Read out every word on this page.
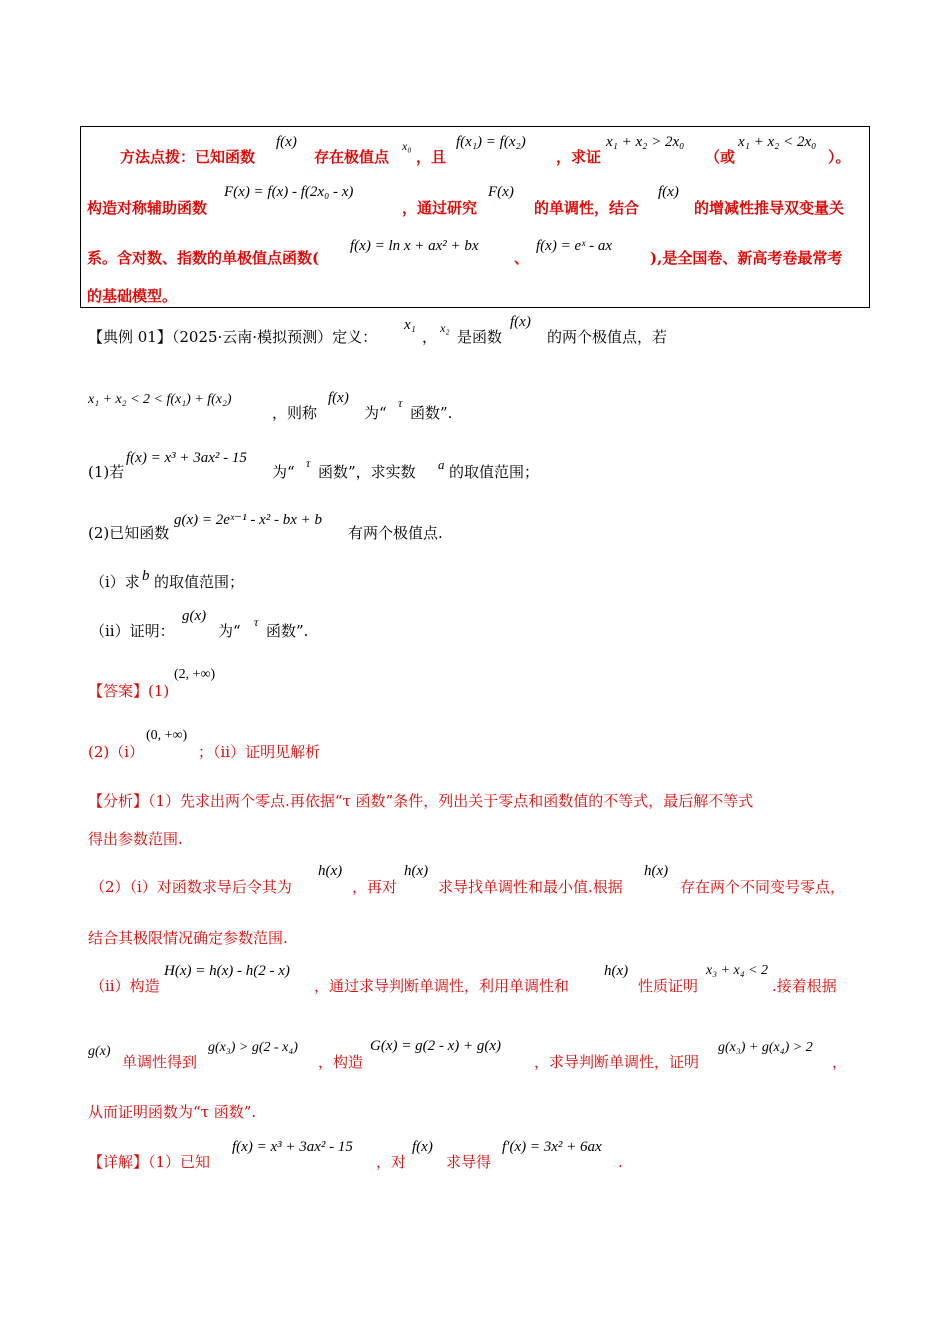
方法点拨：已知函数
f(x)
存在极值点
x₀
，且
f(x₁) = f(x₂)
，求证
x₁ + x₂ > 2x₀
（或
x₁ + x₂ < 2x₀
）。
构造对称辅助函数
F(x) = f(x) - f(2x₀ - x)
，通过研究
F(x)
的单调性，结合
f(x)
的增减性推导双变量关
系。含对数、指数的单极值点函数(
f(x) = ln x + ax² + bx
、
f(x) = eˣ - ax
),是全国卷、新高考卷最常考
的基础模型。
【典例 01】（2025·云南·模拟预测）定义：
x₁
， x₂ 是函数
f(x)
的两个极值点，若
x₁ + x₂ < 2 < f(x₁) + f(x₂)
，则称
f(x)
为“
τ
函数”.
(1)若
f(x) = x³ + 3ax² - 15
为“ τ 函数”，求实数 a 的取值范围；
(2)已知函数
g(x) = 2eˣ⁻¹ - x² - bx + b
有两个极值点.
（i）求 b 的取值范围；
（ii）证明：
g(x)
为“ τ 函数”.
【答案】(1)
(2, +∞)
(2)（i）
(0, +∞)
；（ii）证明见解析
【分析】（1）先求出两个零点.再依据“τ 函数”条件，列出关于零点和函数值的不等式，最后解不等式
得出参数范围.
（2）（i）对函数求导后令其为
h(x)
，再对
h(x)
求导找单调性和最小值.根据
h(x)
存在两个不同变号零点，
结合其极限情况确定参数范围.
（ii）构造
H(x) = h(x) - h(2 - x)
，通过求导判断单调性，利用单调性和
h(x)
性质证明
x₃ + x₄ < 2
.接着根据
g(x)
单调性得到
g(x₃) > g(2 - x₄)
，构造
G(x) = g(2 - x) + g(x)
，求导判断单调性，证明
g(x₃) + g(x₄) > 2
，
从而证明函数为“τ 函数”.
【详解】（1）已知
f(x) = x³ + 3ax² - 15
，对
f(x)
求导得
f′(x) = 3x² + 6ax
.
